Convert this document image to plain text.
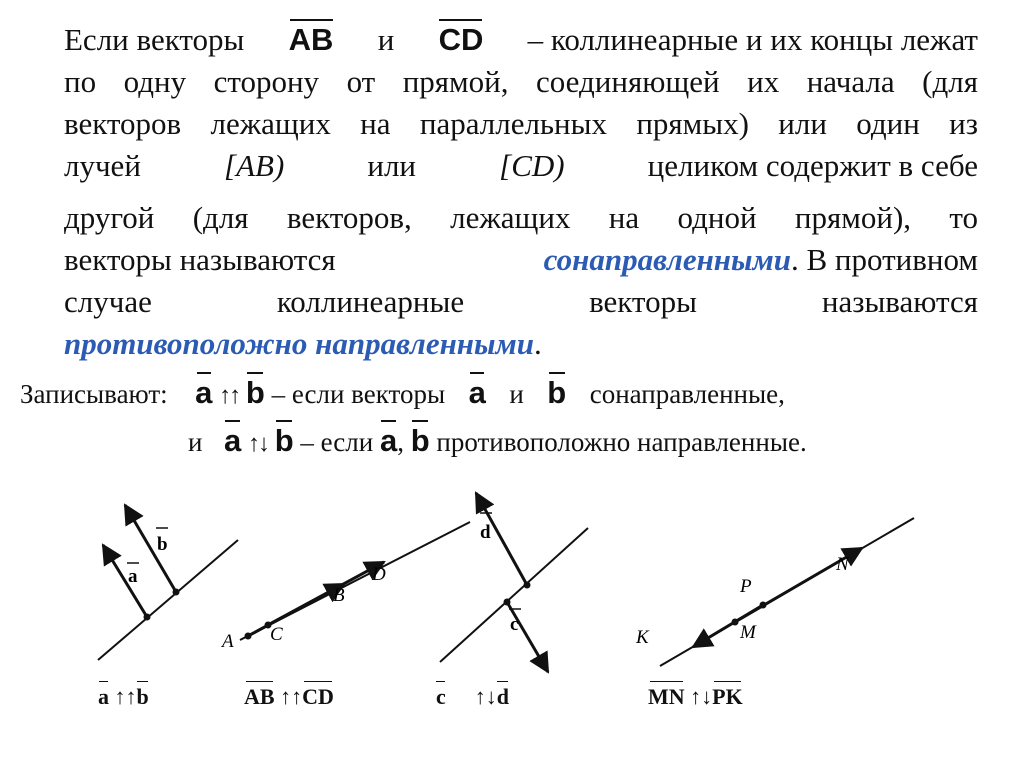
Если векторы AB и CD – коллинеарные и их концы лежат
по одну сторону от прямой, соединяющей их начала (для
векторов лежащих на параллельных прямых) или один из
лучей	[AB)	или	[CD)	целиком содержит в себе
другой (для векторов, лежащих на одной прямой), то
векторы называются	сонаправленными. В противном
случае	коллинеарные	векторы	называются
противоположно направленными.
Записывают: a ↑↑ b – если векторы a и b сонаправленные,
и a ↑↓ b – если a, b противоположно направленные.
b
a
A C
B
D
d
c
P
N
K	M
a ↑↑b	AB ↑↑CD	c ↑↓d	MN ↑↓PK
